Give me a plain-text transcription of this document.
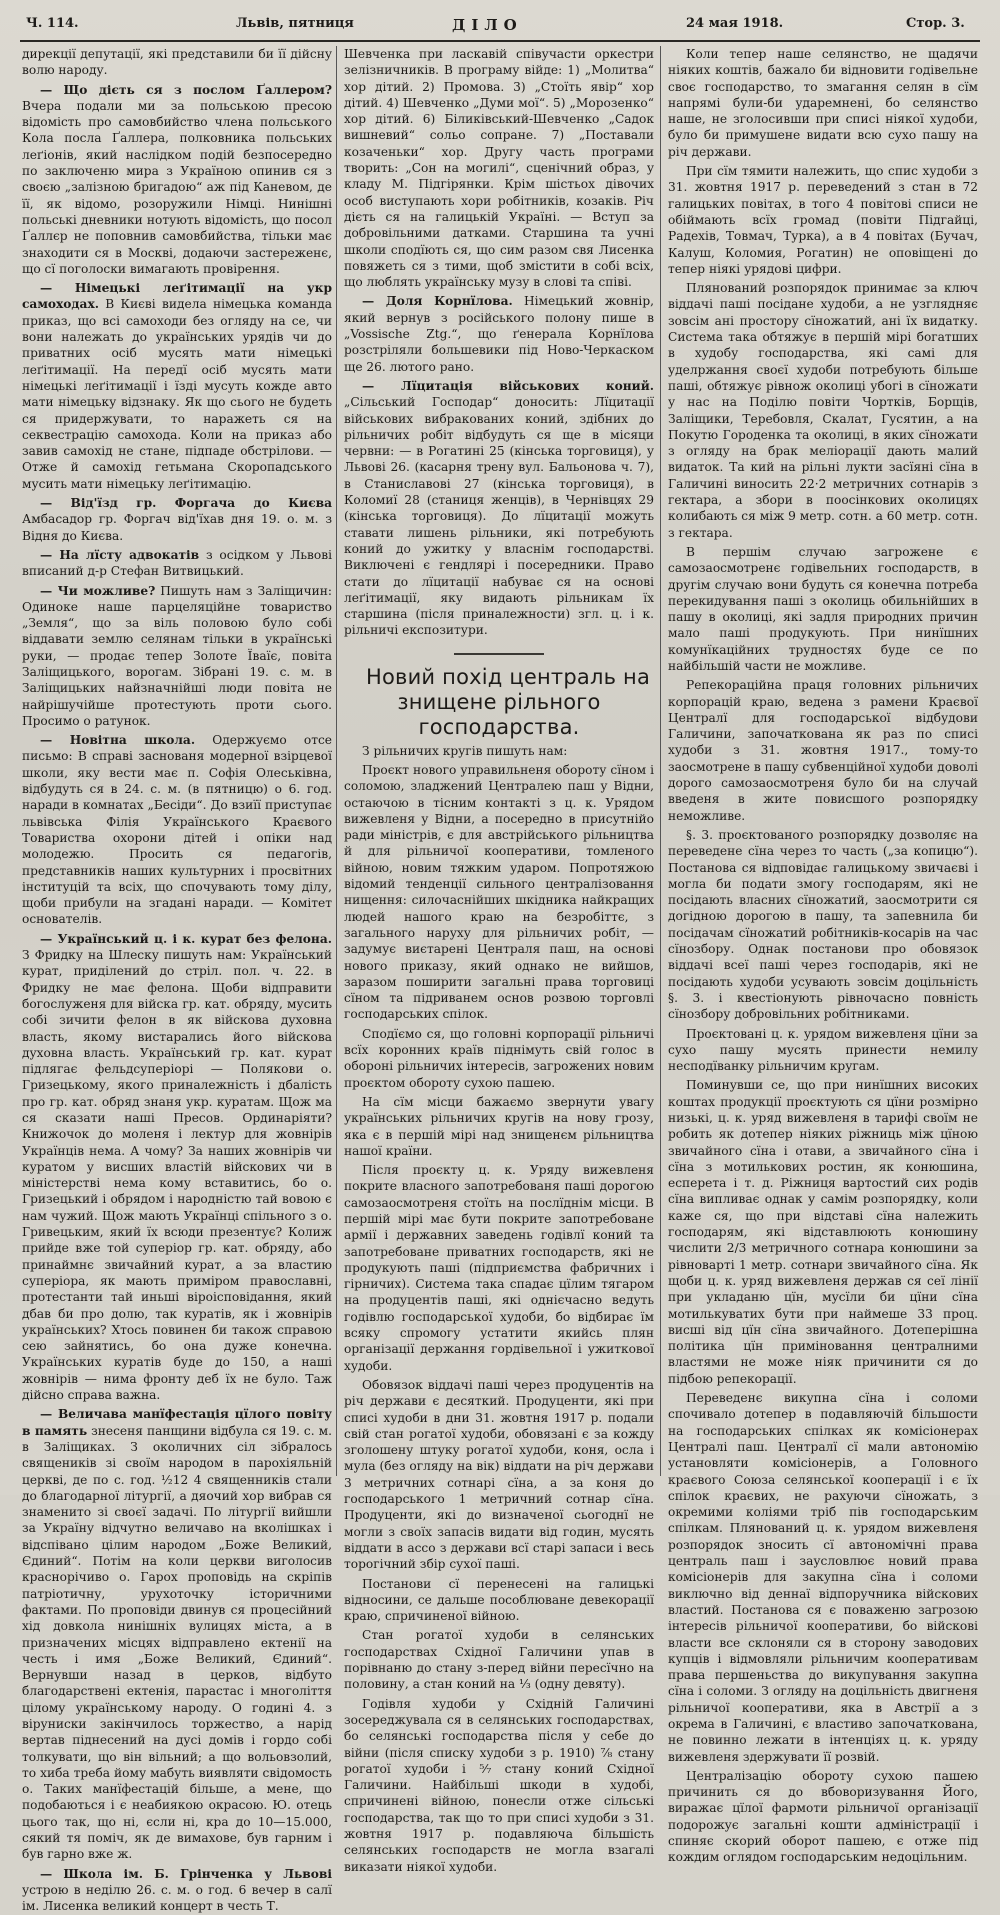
Ч. 114.	Львів, пятниця	ДІЛО	24 мая 1918.	Стор. 3.

дирекції депутації, які представили би її дійсну волю народу.

— Що дієть ся з послом Ґаллером? Вчера подали ми за польською пресою відомість про самовбийство члена польського Кола посла Ґаллера, полковника польських леґіонів, який наслідком подій безпосередно по заключеню мира з Україною опинив ся з своєю „залізною бригадою“ аж під Каневом, де її, як відомо, розоружили Німці. Нинішні польські дневники нотують відомість, що посол Ґаллєр не поповнив самовбийства, тільки має знаходити ся в Москві, додаючи застереженє, що сї поголоски вимагають провірення.

— Німецькі леґітимації на укр самоходах. В Києві видела німецька команда приказ, що всі самоходи без огляду на се, чи вони належать до українських урядів чи до приватних осіб мусять мати німецькі леґітимації. На передї осіб мусять мати німецькі леґітимації і їзді мусуть кожде авто мати німецьку відзнаку. Як що сього не будеть ся придержувати, то наражеть ся на секвестрацію самохода. Коли на приказ або завив самохід не стане, підпаде обстрілови. — Отже й самохід гетьмана Скоропадського мусить мати німецьку леґітимацію.

— Від'їзд гр. Форгача до Києва Амбасадор гр. Форгач від'їхав дня 19. о. м. з Відня до Києва.

— На лїсту адвокатів з осідком у Львові вписаний д-р Стефан Витвицький.

— Чи можливе? Пишуть нам з Заліщичин: Одиноке наше парцеляційне товариство „Земля“, що за віль половою було собі віддавати землю селянам тільки в українські руки, — продає тепер Золоте Їваїє, повіта Заліщицького, ворогам. Зібрані 19. с. м. в Заліщицьких найзначнійші люди повіта не найрішучійше протестують проти сього. Просимо о ратунок.

— Новітна школа. Одержуємо отсе письмо: В справі заснованя модерної взірцевої школи, яку вести має п. Софія Олеськівна, відбудуть ся в 24. с. м. (в пятницю) о 6. год. наради в комнатах „Бесіди“. До взиїї приступає львівська Філія Українського Краєвого Товариства охорони дітей і опіки над молодежю. Просить ся педагогів, представників наших культурних і просвітних інституцій та всіх, що спочувають тому ділу, щоби прибули на згадані наради. — Комітет основателів.

— Український ц. і к. курат без фелона. З Фридку на Шлеску пишуть нам: Український курат, приділений до стріл. пол. ч. 22. в Фридку не має фелона. Щоби відправити богослуженя для війска гр. кат. обряду, мусить собі зичити фелон в як війскова духовна власть, якому вистарались його війскова духовна власть. Український гр. кат. курат підлягає фельдсуперіорі — Полякови о. Гризецькому, якого приналежність і дбалість про гр. кат. обряд знаня укр. куратам. Щож ма ся сказати наші Пресов. Ординаріяти? Книжочок до моленя і лектур для жовнірів Українців нема. А чому? За наших жовнірів чи куратом у висших властій війскових чи в міністерстві нема кому вставитись, бо о. Гризецький і обрядом і народністю тай вовою є нам чужий. Щож мають Українці спільного з о. Гривецьким, який їх всюди презентує? Колиж прийде вже той суперіор гр. кат. обряду, або принаймнє звичайний курат, а за властию суперіора, як мають приміром православні, протестанти тай иньші віроісповідання, який дбав би про долю, так куратів, як і жовнірів українських? Хтось повинен би також справою сею зайнятись, бо она дуже конечна. Українських куратів буде до 150, а наші жовнірів — нима фронту деб їх не було. Тaж дійсно справа важна.

— Величава манїфестація цїлого повіту в память знесеня панщини відбула ся 19. с. м. в Заліщиках. З околичних сіл зібралось священиків зі своїм народом в парохіяльній церкві, де по с. год. ½12 4 священників стали до благодарної літургії, а дяочий хор вибрав ся знаменито зі своєї задачі. По літургії вийшли за Україну відчутно величаво на вколішках і відспівано цілим народом „Боже Великий, Єдиний“. Потім на коли церкви виголосив краснорічиво о. Гарох проповідь на скріпів патріотичну, урухоточку історичними фактами. По проповіди двинув ся процесійний хід довкола нинішніх вулицях міста, а в призначених місцях відправлено ектенії на честь і имя „Боже Великий, Єдиний“. Вернувши назад в церков, відбуто благодарствені ектенія, парастас і многоліття цілому українському народу. О годині 4. з віруниски закінчилось торжество, а нарід вертав піднесений на дусі домів і гордо собі толкувати, що він вільний; а що вольовзолий, то хиба треба йому мабуть виявляти свідомость о. Таких манїфестацій більше, а мене, що подобаються і є неабиякою окрасою. Ю. отець цього так, що ні, єсли ні, кра до 10—15.000, сякий тя поміч, як де вимахове, був гарним і був гарно вже ж.

— Школа ім. Б. Грінченка у Львові устрою в неділю 26. с. м. о год. 6 вечер в салї ім. Лисенка великий концерт в честь Т.

Шевченка при ласкавій співучасти оркестри зелізничників. В програму війде: 1) „Молитва“ хор дітий. 2) Промова. 3) „Стоїть явір“ хор дітий. 4) Шевченко „Думи мої“. 5) „Морозенко“ хор дітий. 6) Біликівський-Шевченко „Садок вишневий“ сольо сопране. 7) „Поставали козаченьки“ хор. Другу часть програми творить: „Сон на могилі“, сценічний образ, у кладу М. Підгірянки. Крім шістьох дівочих особ виступають хори робітників, козаків. Річ дієть ся на галицькій Україні. — Вступ за добровільними датками. Старшина та учні школи сподїють ся, що сим разом свя Лисенка повяжеть ся з тими, щоб змістити в собі всіх, що люблять українську музу в слові та співі.

— Доля Корнїлова. Німецький жовнір, який вернув з російського полону пише в „Vossische Ztg.“, що ґенерала Корнїлова розстріляли большевики під Ново-Черкаском ще 26. лютого рано.

— Лїцитація військових коний. „Сільський Господар“ доносить: Лїцитації військових вибракованих коний, здібних до рільничих робіт відбудуть ся ще в місяци червни: — в Рогатині 25 (кінська торговиця), у Львові 26. (касарня трену вул. Бальонова ч. 7), в Станиславові 27 (кінська торговиця), в Коломиї 28 (станиця женців), в Чернівцях 29 (кінська торговиця). До лїцитації можуть ставати лишень рільники, які потребують коний до ужитку у власнім господарстві. Виключені є гендлярі і посередники. Право стати до лїцитації набуває ся на основі леґітимації, яку видають рільникам їх старшина (після приналежности) згл. ц. і к. рільничі експозитури.

Новий похід централь на знищене рільного господарства.

З рільничих кругів пишуть нам:

Проєкт нового управильненя обороту сїном і соломою, зладжений Централею паш у Відни, остаючою в тісним контакті з ц. к. Урядом вижевленя у Відни, а посередно в присутнійо ради міністрів, є для австрійського рільництва й для рільничої кооперативи, томленого війною, новим тяжким ударом. Попротяжою відомий тенденції сильного централізовання нищення: силочаснійших шкідника найкращих людей нашого краю на безробіттє, з загального наруху для рільничих робіт, — задумує виєтарені Централя паш, на основі нового приказу, який однако не вийшов, заразом поширити загальні права торговиці сїном та підриванем основ розвою торговлі господарських спілок.

Сподїємо ся, що головні корпорації рільничі всїх коронних країв піднімуть свій голос в обороні рільничих інтересів, загрожених новим проєктом обороту сухою пашею.

На сїм місци бажаємо звернути увагу українських рільничих кругів на нову грозу, яка є в першій мірі над знищенєм рільництва нашої країни.

Після проєкту ц. к. Уряду вижевленя покрите власного запотребованя паші дорогою самозаосмотреня стоїть на послїднім місци. В першій мірі має бути покрите запотребоване армії і державних заведень годівлї коний та запотребоване приватних господарств, які не продукують паші (підприємства фабричних і гірничих). Система така спадає цїлим тягаром на продуцентів паші, які однієчасно ведуть годівлю господарської худоби, бо відбирає їм всяку спромогу устатити якийсь плян організації держання гордівельної і ужиткової худоби.

Обовязок віддачі паші через продуцентів на річ держави є десяткий. Продуценти, які при списі худоби в дни 31. жовтня 1917 р. подали свій стан рогатої худоби, обовязані є за кожду зголошену штуку рогатої худоби, коня, осла і мула (без огляду на вік) віддати на річ держави 3 метричних сотнарі сїна, а за коня до господарського 1 метричний сотнар сїна. Продуценти, які до визначеної сьогоднї не могли з своїх запасів видати від годин, мусять віддати в ассо з держави всї старі запаси і весь торогічний збір сухої паші.

Постанови сї перенесені на галицькі відносини, се дальше пособлюване девекорації краю, спричиненої війною.

Стан рогатої худоби в селянських господарствах Східної Галичини упав в порівнаню до стану з-перед війни пересїчно на половину, а стан коний на ⅓ (одну девяту).

Годівля худоби у Східній Галичині зосереджувала ся в селянських господарствах, бо селянські господарства після у себе до війни (після списку худоби з р. 1910) ⅞ стану рогатої худоби і ⁵⁄₇ стану коний Східної Галичини. Найбільші шкоди в худобі, спричинені війною, понесли отже сільські господарства, так що то при списі худоби з 31. жовтня 1917 р. подавляюча більшість селянських господарств не могла взагалі виказати ніякої худоби.

Коли тепер наше селянство, не щадячи ніяких коштів, бажало би відновити годівельне своє господарство, то змагання селян в сїм напрямі були-би ударемнені, бо селянство наше, не зголосивши при списі ніякої худоби, було би примушене видати всю сухо пашу на річ держави.

При сїм тямити належить, що спис худоби з 31. жовтня 1917 р. переведений з стан в 72 галицьких повітах, в того 4 повітові списи не обіймають всїх громад (повіти Підгайці, Радехів, Товмач, Турка), а в 4 повітах (Бучач, Калуш, Коломия, Рогатин) не оповіщені до тепер ніякі урядові цифри.

Плянований розпорядок принимає за ключ віддачі паші посідане худоби, а не узглядняє зовсім ані простору сїножатий, ані їх видатку. Система така обтяжує в першій мірі богатших в худобу господарства, які самі для уделржання своєї худоби потребують більше паші, обтяжує рівнож околиці убогі в сїножати у нас на Поділю повіти Чортків, Борщів, Заліщики, Теребовля, Скалат, Гусятин, а на Покутю Городенка та околиці, в яких сїножати з огляду на брак меліорації дають малий видаток. Та кий на рільні лукти засїяні сїна в Галичині виносить 22·2 метричних сотнарів з гектара, а збори в поосінкових околицях колибають ся між 9 метр. сотн. а 60 метр. сотн. з гектара.

В першім случаю загрожене є самозаосмотренє годівельних господарств, в другім случаю вони будуть ся конечна потреба перекидування паші з околиць обильнійших в пашу в околиці, які задля природних причин мало паші продукують. При нинїшних комунїкаційних трудностях буде се по найбільшій части не можливе.

Репекораційна праця головних рільничих корпорацій краю, ведена з рамени Краєвої Централї для господарської відбудови Галичини, започаткована як раз по списі худоби з 31. жовтня 1917., тому-то заосмотрене в пашу субвенційної худоби доволі дорого самозаосмотреня було би на случай введеня в жите повисшого розпорядку неможливе.

§. 3. проєктованого розпорядку дозволяє на переведене сїна через то часть („за копицю“). Постанова ся відповідає галицькому звичаєві і могла би подати змогу господарям, які не посідають власних сїножатий, заосмотрити ся догідною дорогою в пашу, та запевнила би посідачам сїножатий робітників-косарів на час сїнозбору. Однак постанови про обовязок віддачі всеї паші через господарів, які не посідають худоби усувають зовсім доцільність §. 3. і квестіонують рівночасно повність сїнозбору добровільних робітниками.

Проєктовані ц. к. урядом вижевленя цїни за сухо пашу мусять принести немилу несподїванку рільничим кругам.

Поминувши се, що при нинїшних високих коштах продукції проєктують ся цїни розмірно низькі, ц. к. уряд вижевленя в тарифі своїм не робить як дотепер ніяких ріжниць між цїною звичайного сїна і отави, а звичайного сїна і сїна з мотилькових ростин, як конюшина, есперета і т. д. Ріжниця вартостий сих родів сїна випливає однак у самім розпорядку, коли каже ся, що при відставі сїна належить господарям, які відставлюють конюшину числити 2/3 метричного сотнара конюшини за рівноварті 1 метр. сотнари звичайного сїна. Як щоби ц. к. уряд вижевленя держав ся сеї лінії при укладаню цїн, мусїли би цїни сїна мотилькуватих бути при наймеше 33 проц. висші від цїн сїна звичайного. Дотеперішна політика цїн приміновання централними властями не може ніяк причинити ся до підбою репекорації.

Переведенє викупна сїна і соломи спочивало дотепер в подавляючій більшости на господарських спілках як комісіонерах Централі паш. Централї сї мали автономію установляти комісіонерів, а Головного краєвого Союза селянської кооперації і є їх спілок краєвих, не рахуючи сїножать, з окремими коліями тріб пів господарським спілкам. Плянований ц. к. урядом вижевленя розпорядок зносить сї автономічні права централь паш і заусловлює новий права комісіонерів для закупна сїна і соломи виключно від деннаї відпоручника війскових властий. Постанова ся є поваженю загрозою інтересів рільничої кооперативи, бо війскові власти все склоняли ся в сторону заводових купців і відмовляли рільничим кооперативам права першеньства до викупування закупна сїна і соломи. З огляду на доцільність двигненя рільничої кооперативи, яка в Австрії а з окрема в Галичині, є властиво започаткована, не повинно лежати в інтенціях ц. к. уряду вижевленя здержувати її розвій.

Централізацію обороту сухою пашею причинить ся до вбоворизування Його, виражає цїлої фармоти рільничої організації подорожує загальні кошти адміністрації і спиняє скорий оборот пашею, є отже під кождим оглядом господарським недоцільним.
